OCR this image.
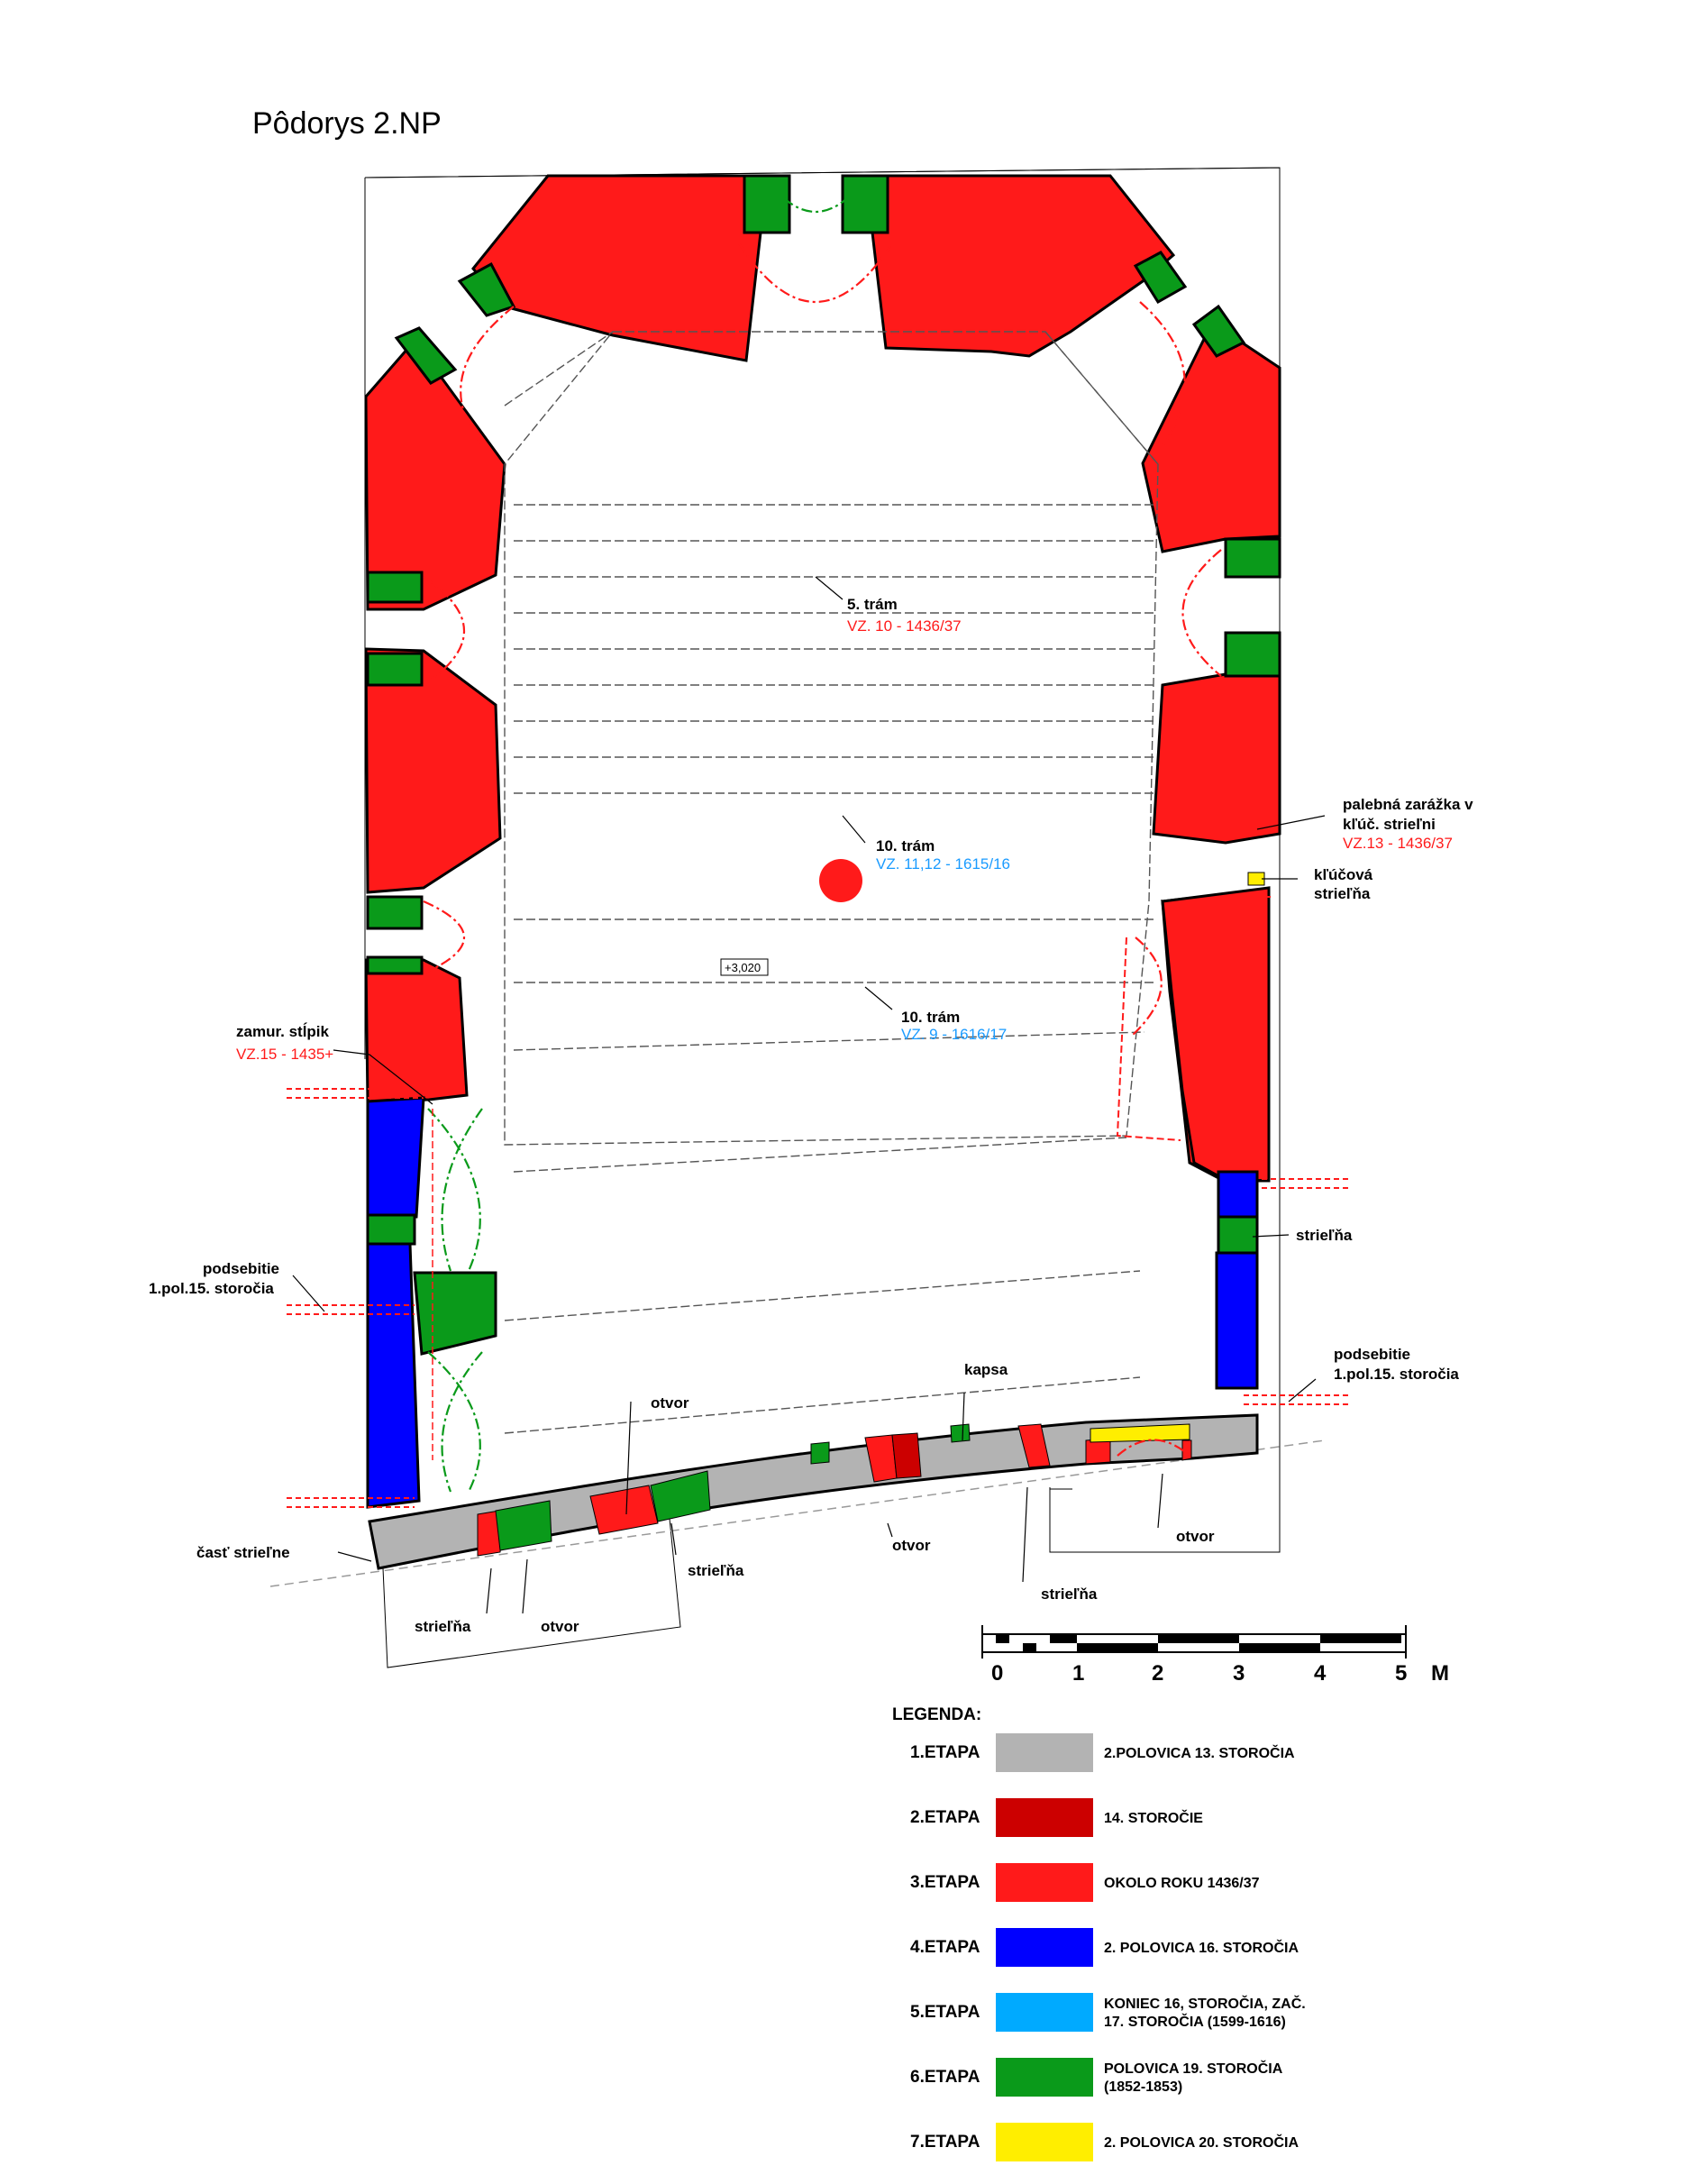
Pôdorys 2.NP
+3,020
5. trám
VZ. 10 - 1436/37
10. trám
VZ. 11,12 - 1615/16
10. trám
VZ. 9 - 1616/17
zamur. stĺpik
VZ.15 - 1435+
podsebitie
1.pol.15. storočia
podsebitie
1.pol.15. storočia
palebná zarážka v
kľúč. strieľni
VZ.13 - 1436/37
kľúčová
strieľňa
strieľňa
kapsa
otvor
otvor
otvor
otvor
strieľňa
strieľňa
strieľňa
časť strieľne
0	1	2	3	4	5 M
LEGENDA:
1.ETAPA	2.POLOVICA 13. STOROČIA
2.ETAPA	14. STOROČIE
3.ETAPA	OKOLO ROKU 1436/37
4.ETAPA	2. POLOVICA 16. STOROČIA
5.ETAPA	KONIEC 16, STOROČIA, ZAČ.
17. STOROČIA (1599-1616)
6.ETAPA	POLOVICA 19. STOROČIA
(1852-1853)
7.ETAPA	2. POLOVICA 20. STOROČIA
